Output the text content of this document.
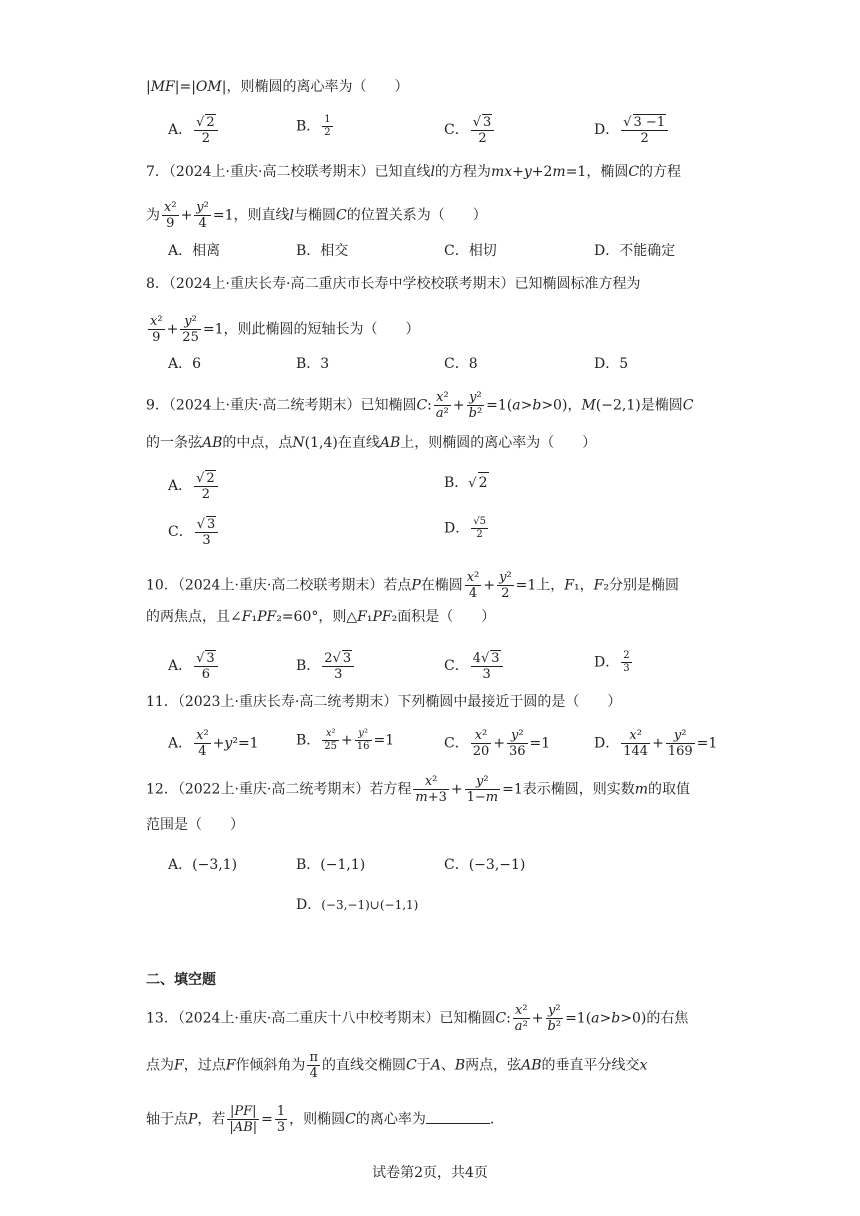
|MF|=|OM|，则椭圆的离心率为（　　）
A． $\frac{√ 2}{2}$	B． $\frac{1}{2}$	C． $\frac{√ 3}{2}$	D． $\frac{√ 3 -1}{2}$
7．（2024上·重庆·高二校联考期末）已知直线l的方程为mx+y+2m=1，椭圆C的方程
为 $\frac{\text{x²}}{9} + \frac{\text{y²}}{4} =1$，则直线l与椭圆C的位置关系为（　　）
A．相离	B．相交	C．相切	D．不能确定
8．（2024上·重庆长寿·高二重庆市长寿中学校校联考期末）已知椭圆标准方程为
$\frac{\text{x²}}{9} + \frac{\text{y²}}{25} =1$，则此椭圆的短轴长为（　　）
A．6	B．3	C．8	D．5
9．（2024上·重庆·高二统考期末）已知椭圆C: $\frac{\text{x²}}{\text{a²}} + \frac{\text{y²}}{\text{b²}} =1(a>b>0)$，M(−2,1)是椭圆C
的一条弦AB的中点，点N(1,4)在直线AB上，则椭圆的离心率为（　　）
A． $\frac{√ 2}{2}$	B．√ 2
C． $\frac{√ 3}{3}$	D． $\frac{√5}{2}$
10．（2024上·重庆·高二校联考期末）若点P在椭圆 $\frac{\text{x²}}{4} + \frac{\text{y²}}{2} =1$上，F₁，F₂分别是椭圆
的两焦点，且∠F₁PF₂=60°，则△F₁PF₂面积是（　　）
A． $\frac{√ 3}{6}$	B． $\frac{2√ 3}{3}$	C． $\frac{4√ 3}{3}$	D． $\frac{2}{3}$
11．（2023上·重庆长寿·高二统考期末）下列椭圆中最接近于圆的是（　　）
A． $\frac{\text{x²}}{4} +y^2=1$	B． $\frac{\text{x²}}{25} + \frac{\text{y²}}{16} =1$	C． $\frac{\text{x²}}{20} + \frac{\text{y²}}{36} =1$	D． $\frac{\text{x²}}{144} + \frac{\text{y²}}{169} =1$
12．（2022上·重庆·高二统考期末）若方程 $\frac{\text{x²}}{m+3} + \frac{\text{y²}}{1-m} =1$表示椭圆，则实数m的取值
范围是（　　）
A．(−3,1)	B．(−1,1)	C．(−3,−1)
D．(−3,−1)∪(−1,1)
二、填空题
13．（2024上·重庆·高二重庆十八中校考期末）已知椭圆C: $\frac{\text{x²}}{\text{a²}} + \frac{\text{y²}}{\text{b²}} =1(a>b>0)$的右焦
点为F，过点F作倾斜角为 $\frac{\pi}{4}$ 的直线交椭圆C于A、B两点，弦AB的垂直平分线交x
轴于点P，若 $\frac{|PF|}{|AB|} = \frac{1}{3}$ ，则椭圆C的离心率为	.
试卷第2页，共4页
